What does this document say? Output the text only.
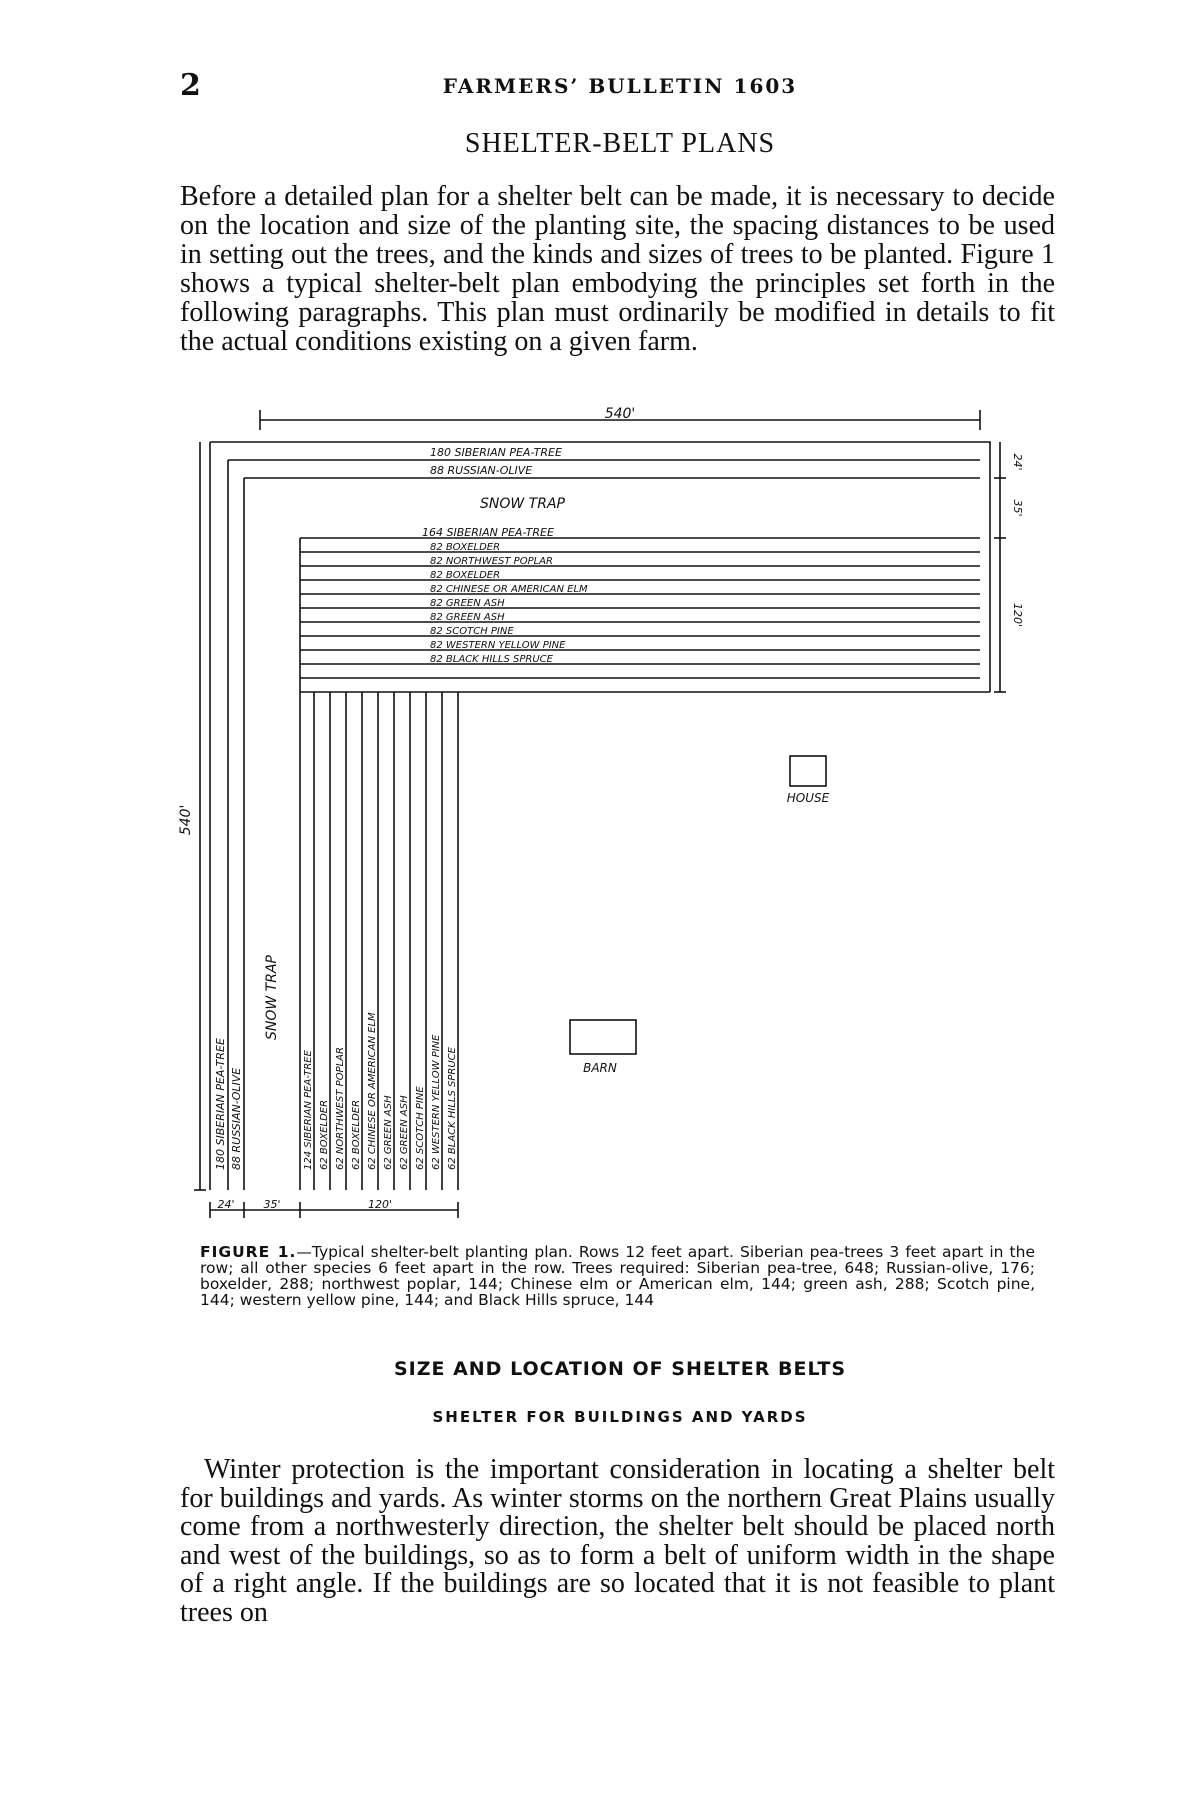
2	FARMERS’ BULLETIN 1603
SHELTER-BELT PLANS

Before a detailed plan for a shelter belt can be made, it is necessary to decide on the location and size of the planting site, the spacing distances to be used in setting out the trees, and the kinds and sizes of trees to be planted. Figure 1 shows a typical shelter-belt plan embodying the principles set forth in the following paragraphs. This plan must ordinarily be modified in details to fit the actual conditions existing on a given farm.

540'
540'
24'
35'
120'
24'	35'	120'
180 SIBERIAN PEA-TREE
88 RUSSIAN-OLIVE
SNOW TRAP
164 SIBERIAN PEA-TREE
82 BOXELDER
82 NORTHWEST POPLAR
82 BOXELDER
82 CHINESE OR AMERICAN ELM
82 GREEN ASH
82 GREEN ASH
82 SCOTCH PINE
82 WESTERN YELLOW PINE
82 BLACK HILLS SPRUCE
180 SIBERIAN PEA-TREE 88 RUSSIAN-OLIVE
SNOW TRAP
124 SIBERIAN PEA-TREE 62 BOXELDER 62 NORTHWEST POPLAR 62 BOXELDER 62 CHINESE OR AMERICAN ELM 62 GREEN ASH 62 GREEN ASH 62 SCOTCH PINE 62 WESTERN YELLOW PINE 62 BLACK HILLS SPRUCE
HOUSE
BARN

FIGURE 1.—Typical shelter-belt planting plan. Rows 12 feet apart. Siberian pea-trees 3 feet apart in the row; all other species 6 feet apart in the row. Trees required: Siberian pea-tree, 648; Russian-olive, 176; boxelder, 288; northwest poplar, 144; Chinese elm or American elm, 144; green ash, 288; Scotch pine, 144; western yellow pine, 144; and Black Hills spruce, 144

SIZE AND LOCATION OF SHELTER BELTS
SHELTER FOR BUILDINGS AND YARDS

Winter protection is the important consideration in locating a shelter belt for buildings and yards. As winter storms on the northern Great Plains usually come from a northwesterly direction, the shelter belt should be placed north and west of the buildings, so as to form a belt of uniform width in the shape of a right angle. If the buildings are so located that it is not feasible to plant trees on
